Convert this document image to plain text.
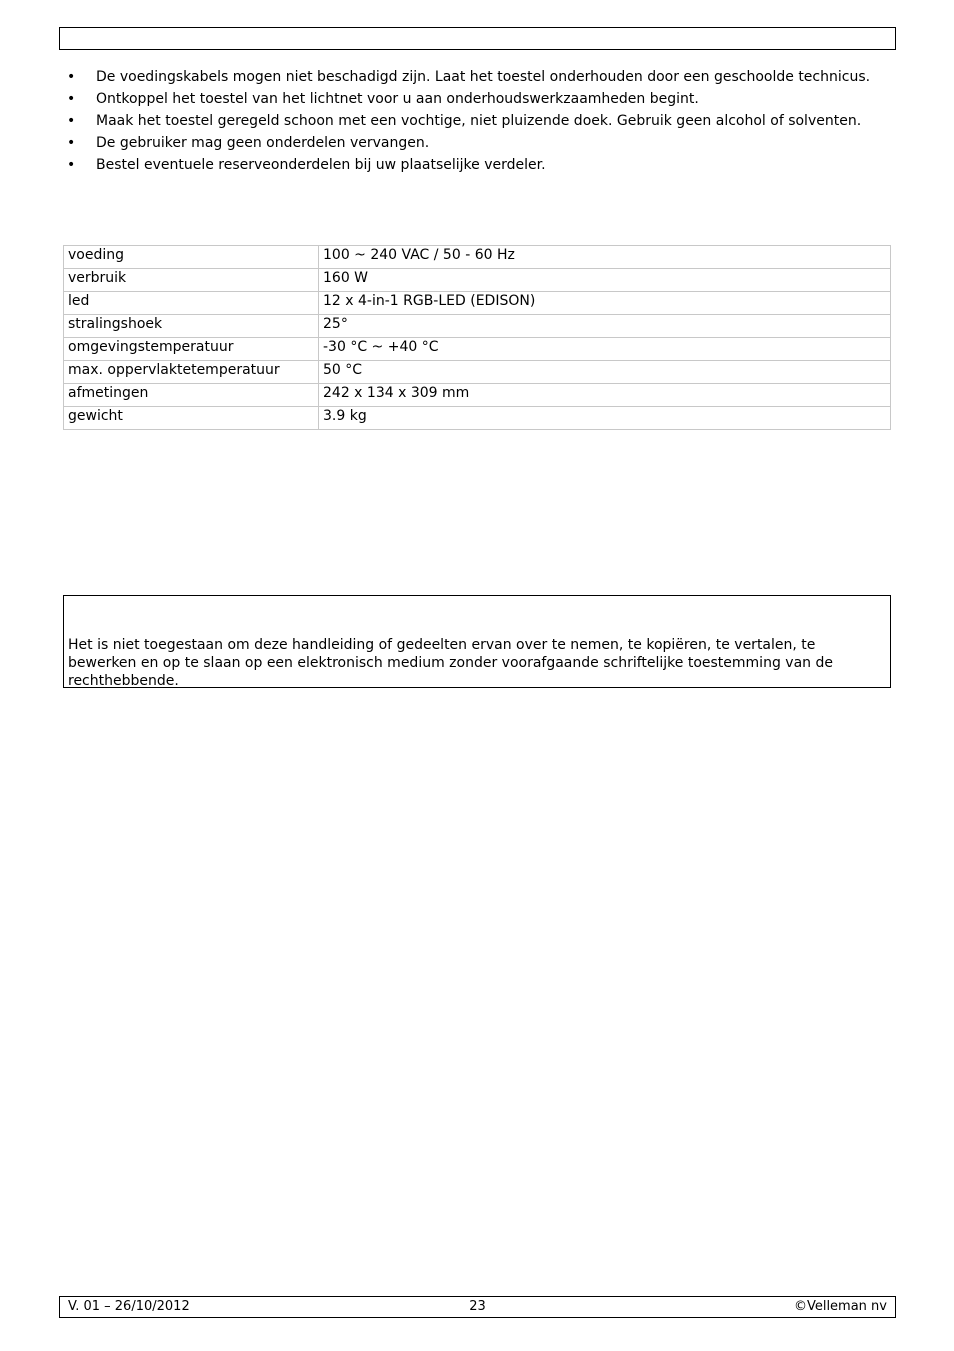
• De voedingskabels mogen niet beschadigd zijn. Laat het toestel onderhouden door een geschoolde technicus.
• Ontkoppel het toestel van het lichtnet voor u aan onderhoudswerkzaamheden begint.
• Maak het toestel geregeld schoon met een vochtige, niet pluizende doek. Gebruik geen alcohol of solventen.
• De gebruiker mag geen onderdelen vervangen.
• Bestel eventuele reserveonderdelen bij uw plaatselijke verdeler.
voeding	100 ~ 240 VAC / 50 - 60 Hz
verbruik	160 W
led	12 x 4-in-1 RGB-LED (EDISON)
stralingshoek	25°
omgevingstemperatuur	-30 °C ~ +40 °C
max. oppervlaktetemperatuur	50 °C
afmetingen	242 x 134 x 309 mm
gewicht	3.9 kg

Het is niet toegestaan om deze handleiding of gedeelten ervan over te nemen, te kopiëren, te vertalen, te bewerken en op te slaan op een elektronisch medium zonder voorafgaande schriftelijke toestemming van de rechthebbende.

23
V. 01 – 26/10/2012	©Velleman nv
